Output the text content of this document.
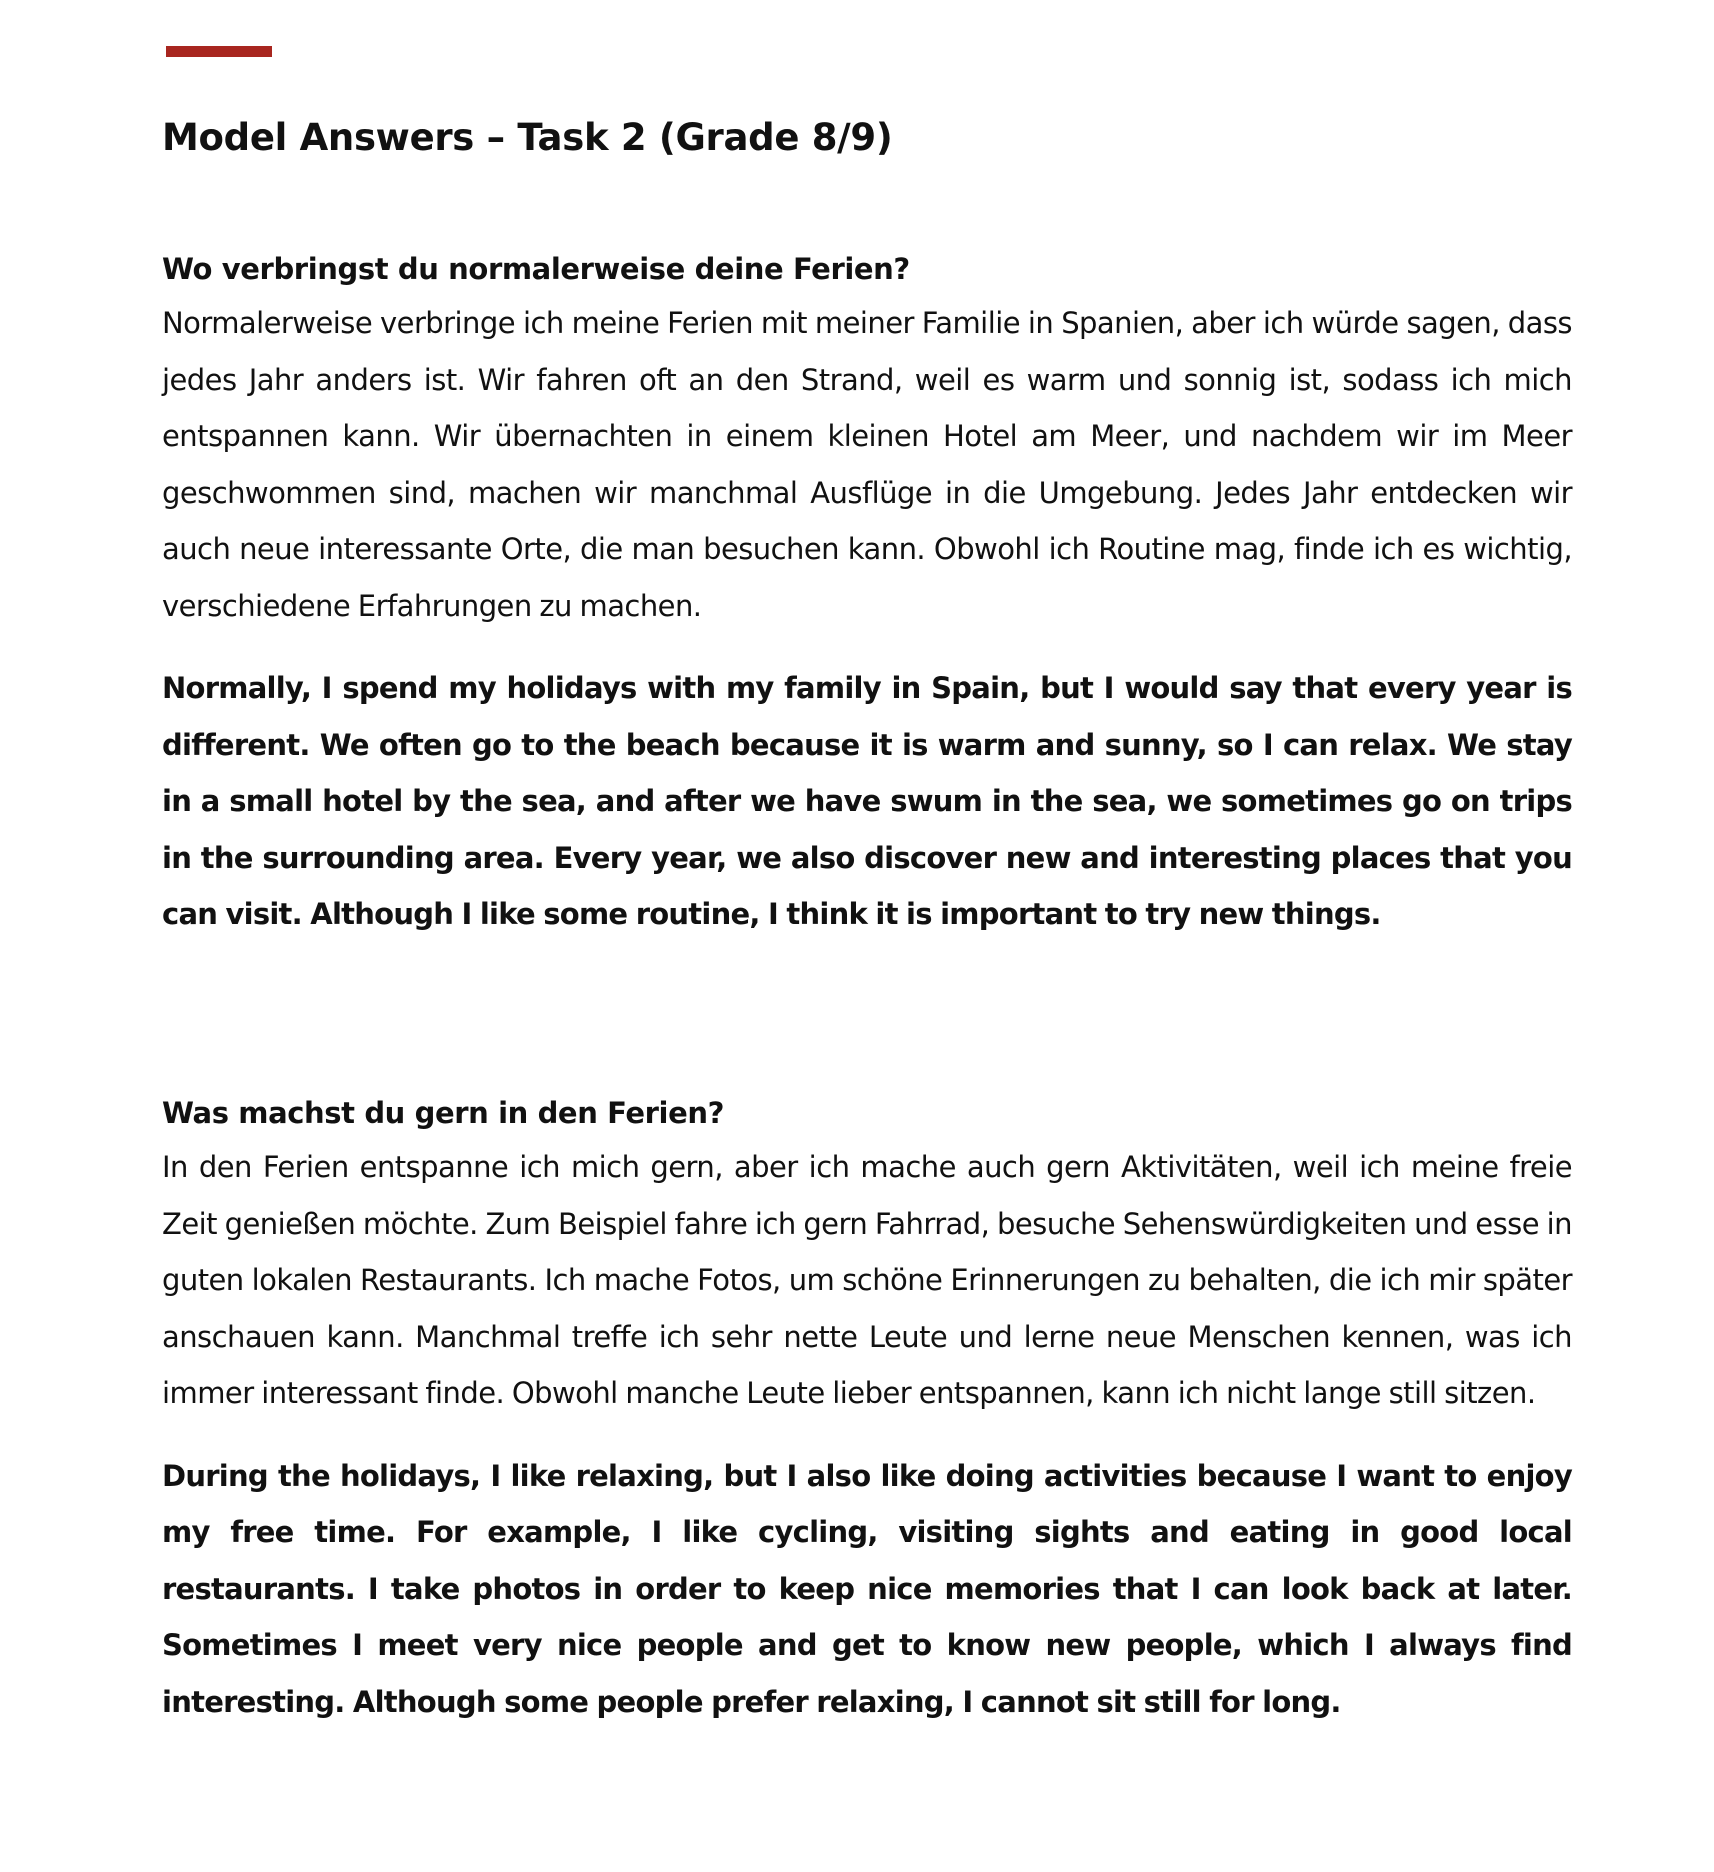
Model Answers – Task 2 (Grade 8/9)

Wo verbringst du normalerweise deine Ferien?

Normalerweise verbringe ich meine Ferien mit meiner Familie in Spanien, aber ich würde sagen, dass jedes Jahr anders ist. Wir fahren oft an den Strand, weil es warm und sonnig ist, sodass ich mich entspannen kann. Wir übernachten in einem kleinen Hotel am Meer, und nachdem wir im Meer geschwommen sind, machen wir manchmal Ausflüge in die Umgebung. Jedes Jahr entdecken wir auch neue interessante Orte, die man besuchen kann. Obwohl ich Routine mag, finde ich es wichtig, verschiedene Erfahrungen zu machen.

Normally, I spend my holidays with my family in Spain, but I would say that every year is different. We often go to the beach because it is warm and sunny, so I can relax. We stay in a small hotel by the sea, and after we have swum in the sea, we sometimes go on trips in the surrounding area. Every year, we also discover new and interesting places that you can visit. Although I like some routine, I think it is important to try new things.

Was machst du gern in den Ferien?

In den Ferien entspanne ich mich gern, aber ich mache auch gern Aktivitäten, weil ich meine freie Zeit genießen möchte. Zum Beispiel fahre ich gern Fahrrad, besuche Sehenswürdigkeiten und esse in guten lokalen Restaurants. Ich mache Fotos, um schöne Erinnerungen zu behalten, die ich mir später anschauen kann. Manchmal treffe ich sehr nette Leute und lerne neue Menschen kennen, was ich immer interessant finde. Obwohl manche Leute lieber entspannen, kann ich nicht lange still sitzen.

During the holidays, I like relaxing, but I also like doing activities because I want to enjoy my free time. For example, I like cycling, visiting sights and eating in good local restaurants. I take photos in order to keep nice memories that I can look back at later. Sometimes I meet very nice people and get to know new people, which I always find interesting. Although some people prefer relaxing, I cannot sit still for long.
